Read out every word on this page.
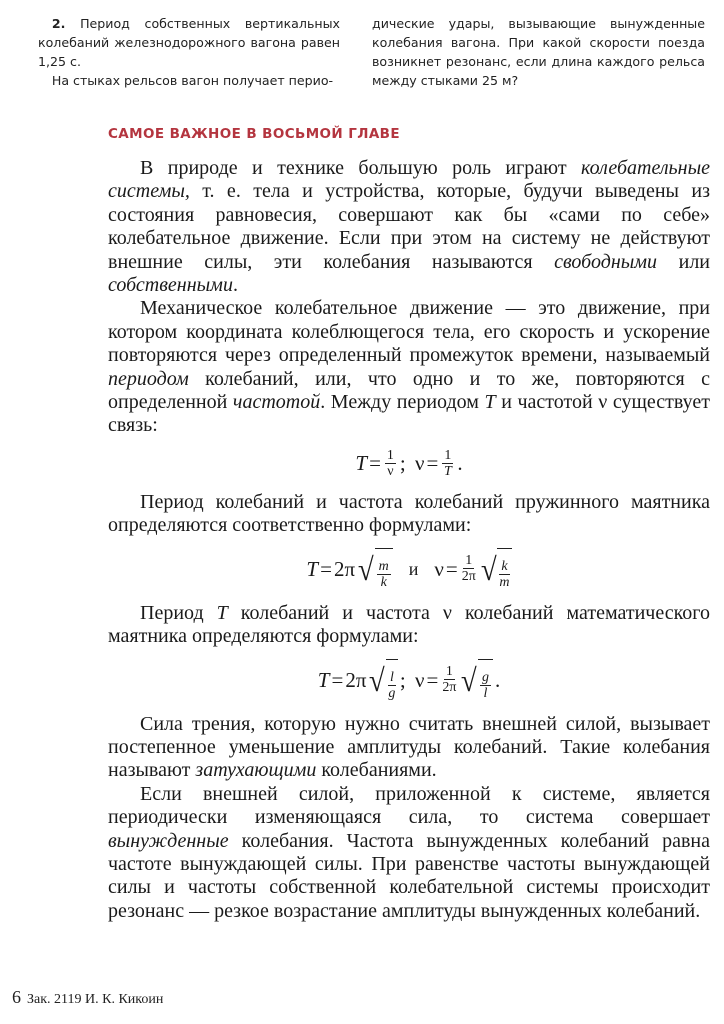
2. Период собственных вертикальных колебаний железнодорожного вагона равен 1,25 с.

На стыках рельсов вагон получает перио-

дические удары, вызывающие вынужденные колебания вагона. При какой скорости поезда возникнет резонанс, если длина каждого рельса между стыками 25 м?

САМОЕ ВАЖНОЕ В ВОСЬМОЙ ГЛАВЕ

В природе и технике большую роль играют колебательные системы, т. е. тела и устройства, которые, будучи выведены из состояния равновесия, совершают как бы «сами по себе» колебательное движение. Если при этом на систему не действуют внешние силы, эти колебания называются свободными или собственными.

Механическое колебательное движение — это движение, при котором координата колеблющегося тела, его скорость и ускорение повторяются через определенный промежуток времени, называемый периодом колебаний, или, что одно и то же, повторяются с определенной частотой. Между периодом T и частотой ν существует связь:

$T = \frac{1}{\nu}$ ;
$\nu = \frac{1}{T}$ .

Период колебаний и частота колебаний пружинного маятника определяются соответственно формулами:

T = 2π √ $\frac{m}{k}$ и $\nu = \frac{1}{2\pi}$ √ $\frac{k}{m}$

Период T колебаний и частота ν колебаний математического маятника определяются формулами:

T = 2π √ $\frac{l}{g}$ ;
$\nu = \frac{1}{2\pi}$ √ $\frac{g}{l}$ .

Сила трения, которую нужно считать внешней силой, вызывает постепенное уменьшение амплитуды колебаний. Такие колебания называют затухающими колебаниями.

Если внешней силой, приложенной к системе, является периодически изменяющаяся сила, то система совершает вынужденные колебания. Частота вынужденных колебаний равна частоте вынуждающей силы. При равенстве частоты вынуждающей силы и частоты собственной колебательной системы происходит резонанс — резкое возрастание амплитуды вынужденных колебаний.

6 Зак. 2119 И. К. Кикоин
